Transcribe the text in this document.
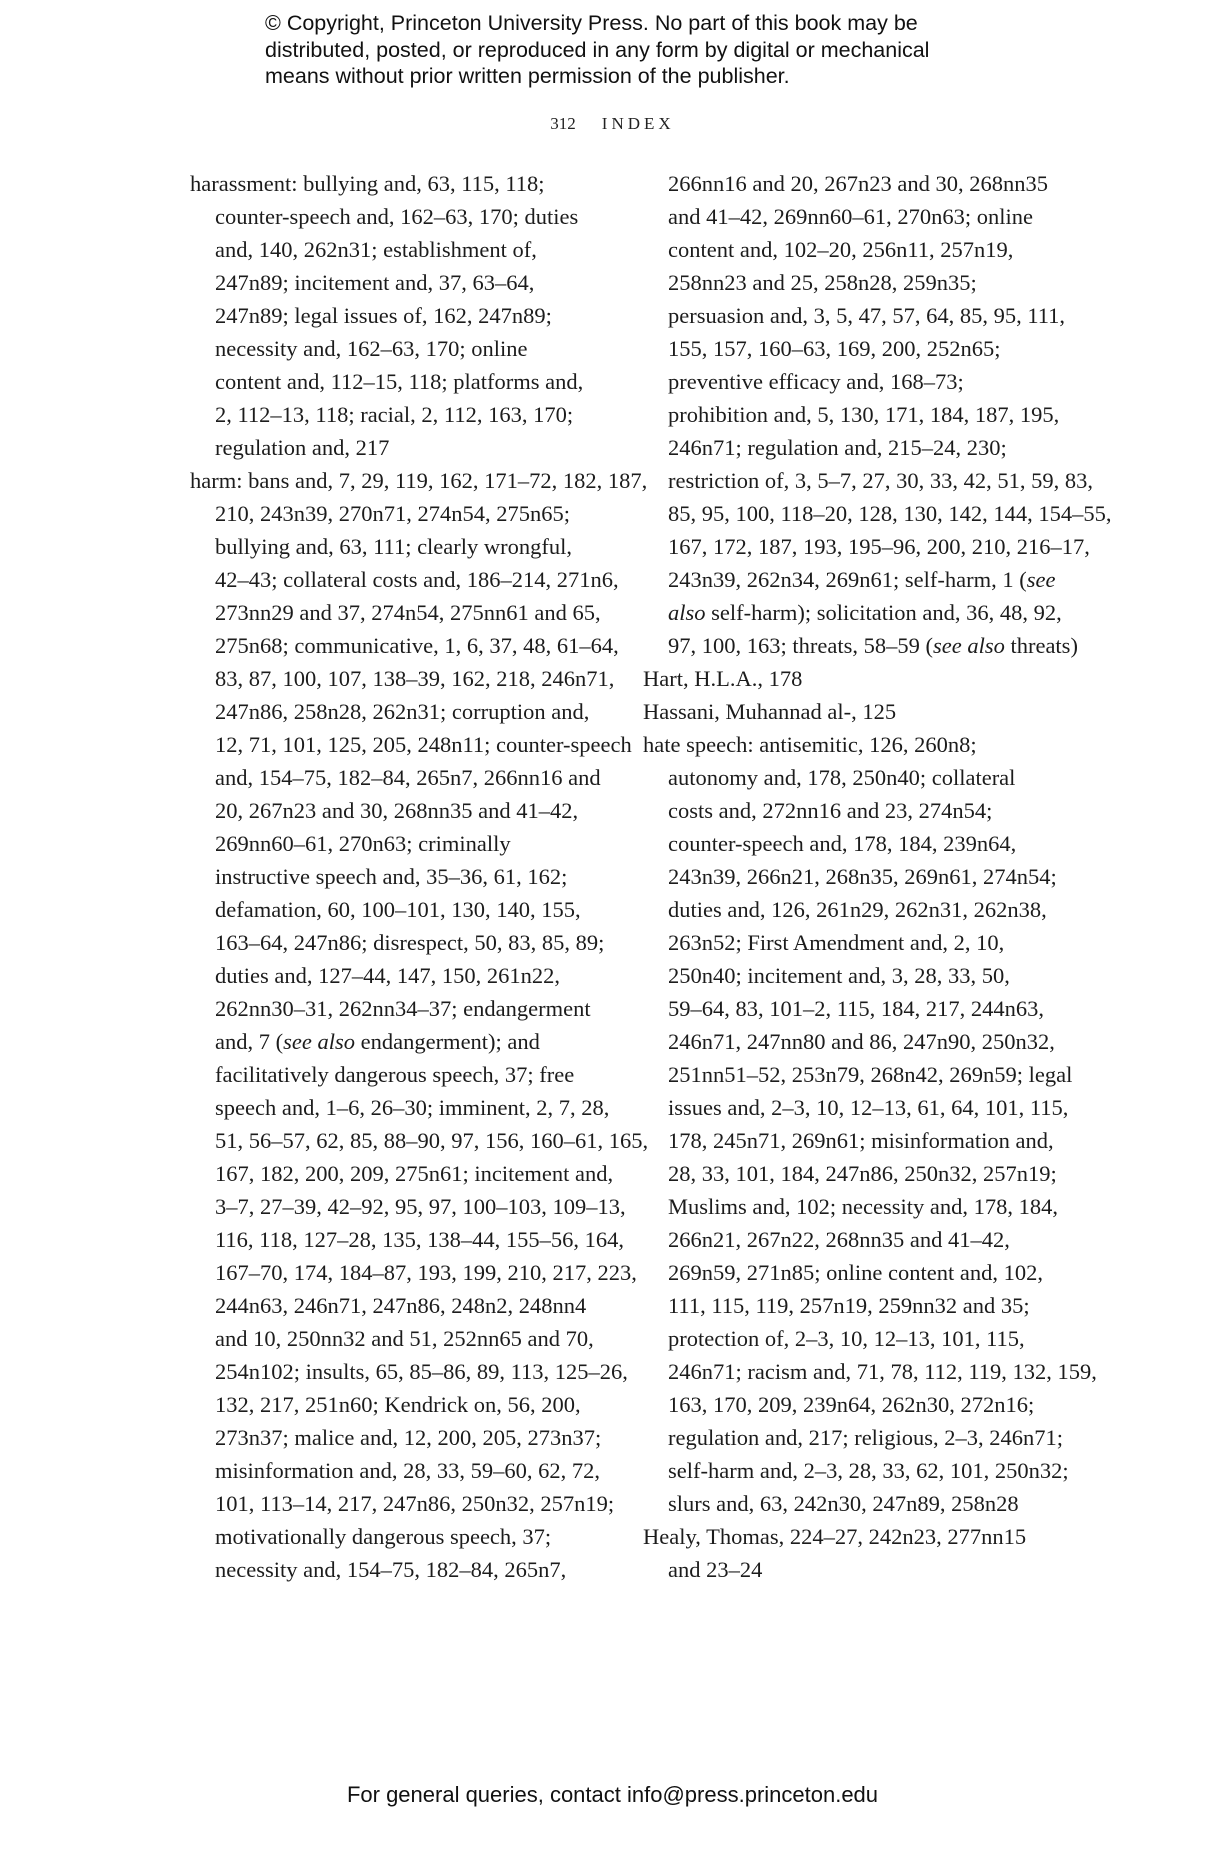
© Copyright, Princeton University Press. No part of this book may be
distributed, posted, or reproduced in any form by digital or mechanical
means without prior written permission of the publisher.
312 INDEX
harassment: bullying and, 63, 115, 118;
counter-speech and, 162–63, 170; duties
and, 140, 262n31; establishment of,
247n89; incitement and, 37, 63–64,
247n89; legal issues of, 162, 247n89;
necessity and, 162–63, 170; online
content and, 112–15, 118; platforms and,
2, 112–13, 118; racial, 2, 112, 163, 170;
regulation and, 217
harm: bans and, 7, 29, 119, 162, 171–72, 182, 187,
210, 243n39, 270n71, 274n54, 275n65;
bullying and, 63, 111; clearly wrongful,
42–43; collateral costs and, 186–214, 271n6,
273nn29 and 37, 274n54, 275nn61 and 65,
275n68; communicative, 1, 6, 37, 48, 61–64,
83, 87, 100, 107, 138–39, 162, 218, 246n71,
247n86, 258n28, 262n31; corruption and,
12, 71, 101, 125, 205, 248n11; counter-speech
and, 154–75, 182–84, 265n7, 266nn16 and
20, 267n23 and 30, 268nn35 and 41–42,
269nn60–61, 270n63; criminally
instructive speech and, 35–36, 61, 162;
defamation, 60, 100–101, 130, 140, 155,
163–64, 247n86; disrespect, 50, 83, 85, 89;
duties and, 127–44, 147, 150, 261n22,
262nn30–31, 262nn34–37; endangerment
and, 7 (see also endangerment); and
facilitatively dangerous speech, 37; free
speech and, 1–6, 26–30; imminent, 2, 7, 28,
51, 56–57, 62, 85, 88–90, 97, 156, 160–61, 165,
167, 182, 200, 209, 275n61; incitement and,
3–7, 27–39, 42–92, 95, 97, 100–103, 109–13,
116, 118, 127–28, 135, 138–44, 155–56, 164,
167–70, 174, 184–87, 193, 199, 210, 217, 223,
244n63, 246n71, 247n86, 248n2, 248nn4
and 10, 250nn32 and 51, 252nn65 and 70,
254n102; insults, 65, 85–86, 89, 113, 125–26,
132, 217, 251n60; Kendrick on, 56, 200,
273n37; malice and, 12, 200, 205, 273n37;
misinformation and, 28, 33, 59–60, 62, 72,
101, 113–14, 217, 247n86, 250n32, 257n19;
motivationally dangerous speech, 37;
necessity and, 154–75, 182–84, 265n7,
266nn16 and 20, 267n23 and 30, 268nn35
and 41–42, 269nn60–61, 270n63; online
content and, 102–20, 256n11, 257n19,
258nn23 and 25, 258n28, 259n35;
persuasion and, 3, 5, 47, 57, 64, 85, 95, 111,
155, 157, 160–63, 169, 200, 252n65;
preventive efficacy and, 168–73;
prohibition and, 5, 130, 171, 184, 187, 195,
246n71; regulation and, 215–24, 230;
restriction of, 3, 5–7, 27, 30, 33, 42, 51, 59, 83,
85, 95, 100, 118–20, 128, 130, 142, 144, 154–55,
167, 172, 187, 193, 195–96, 200, 210, 216–17,
243n39, 262n34, 269n61; self-harm, 1 (see
also self-harm); solicitation and, 36, 48, 92,
97, 100, 163; threats, 58–59 (see also threats)
Hart, H.L.A., 178
Hassani, Muhannad al-, 125
hate speech: antisemitic, 126, 260n8;
autonomy and, 178, 250n40; collateral
costs and, 272nn16 and 23, 274n54;
counter-speech and, 178, 184, 239n64,
243n39, 266n21, 268n35, 269n61, 274n54;
duties and, 126, 261n29, 262n31, 262n38,
263n52; First Amendment and, 2, 10,
250n40; incitement and, 3, 28, 33, 50,
59–64, 83, 101–2, 115, 184, 217, 244n63,
246n71, 247nn80 and 86, 247n90, 250n32,
251nn51–52, 253n79, 268n42, 269n59; legal
issues and, 2–3, 10, 12–13, 61, 64, 101, 115,
178, 245n71, 269n61; misinformation and,
28, 33, 101, 184, 247n86, 250n32, 257n19;
Muslims and, 102; necessity and, 178, 184,
266n21, 267n22, 268nn35 and 41–42,
269n59, 271n85; online content and, 102,
111, 115, 119, 257n19, 259nn32 and 35;
protection of, 2–3, 10, 12–13, 101, 115,
246n71; racism and, 71, 78, 112, 119, 132, 159,
163, 170, 209, 239n64, 262n30, 272n16;
regulation and, 217; religious, 2–3, 246n71;
self-harm and, 2–3, 28, 33, 62, 101, 250n32;
slurs and, 63, 242n30, 247n89, 258n28
Healy, Thomas, 224–27, 242n23, 277nn15
and 23–24
For general queries, contact info@press.princeton.edu
